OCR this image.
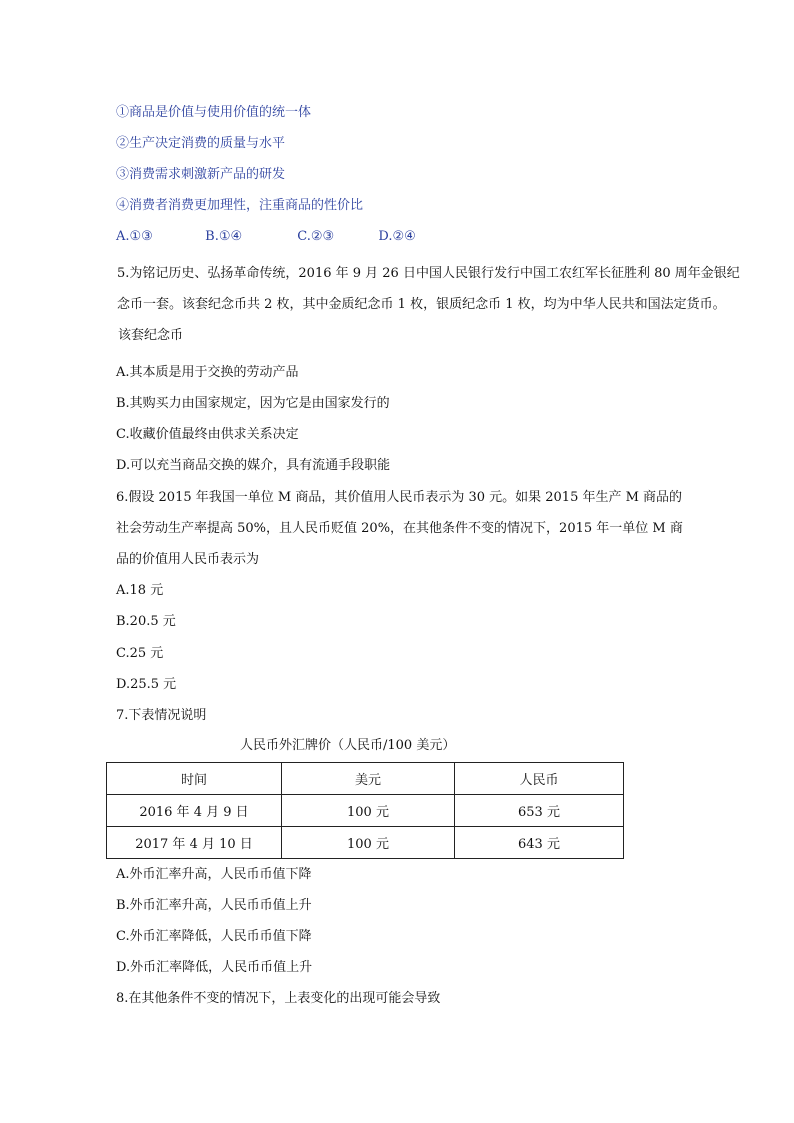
①商品是价值与使用价值的统一体
②生产决定消费的质量与水平
③消费需求刺激新产品的研发
④消费者消费更加理性，注重商品的性价比
A.①③	B.①④	C.②③	D.②④
5.为铭记历史、弘扬革命传统，2016 年 9 月 26 日中国人民银行发行中国工农红军长征胜利 80 周年金银纪
念币一套。该套纪念币共 2 枚，其中金质纪念币 1 枚，银质纪念币 1 枚，均为中华人民共和国法定货币。
该套纪念币
A.其本质是用于交换的劳动产品
B.其购买力由国家规定，因为它是由国家发行的
C.收藏价值最终由供求关系决定
D.可以充当商品交换的媒介，具有流通手段职能
6.假设 2015 年我国一单位 M 商品，其价值用人民币表示为 30 元。如果 2015 年生产 M 商品的
社会劳动生产率提高 50%，且人民币贬值 20%，在其他条件不变的情况下，2015 年一单位 M 商
品的价值用人民币表示为
A.18 元
B.20.5 元
C.25 元
D.25.5 元
7.下表情况说明
人民币外汇牌价（人民币/100 美元）
时间	美元	人民币
2016 年 4 月 9 日	100 元	653 元
2017 年 4 月 10 日	100 元	643 元
A.外币汇率升高，人民币币值下降
B.外币汇率升高，人民币币值上升
C.外币汇率降低，人民币币值下降
D.外币汇率降低，人民币币值上升
8.在其他条件不变的情况下，上表变化的出现可能会导致
